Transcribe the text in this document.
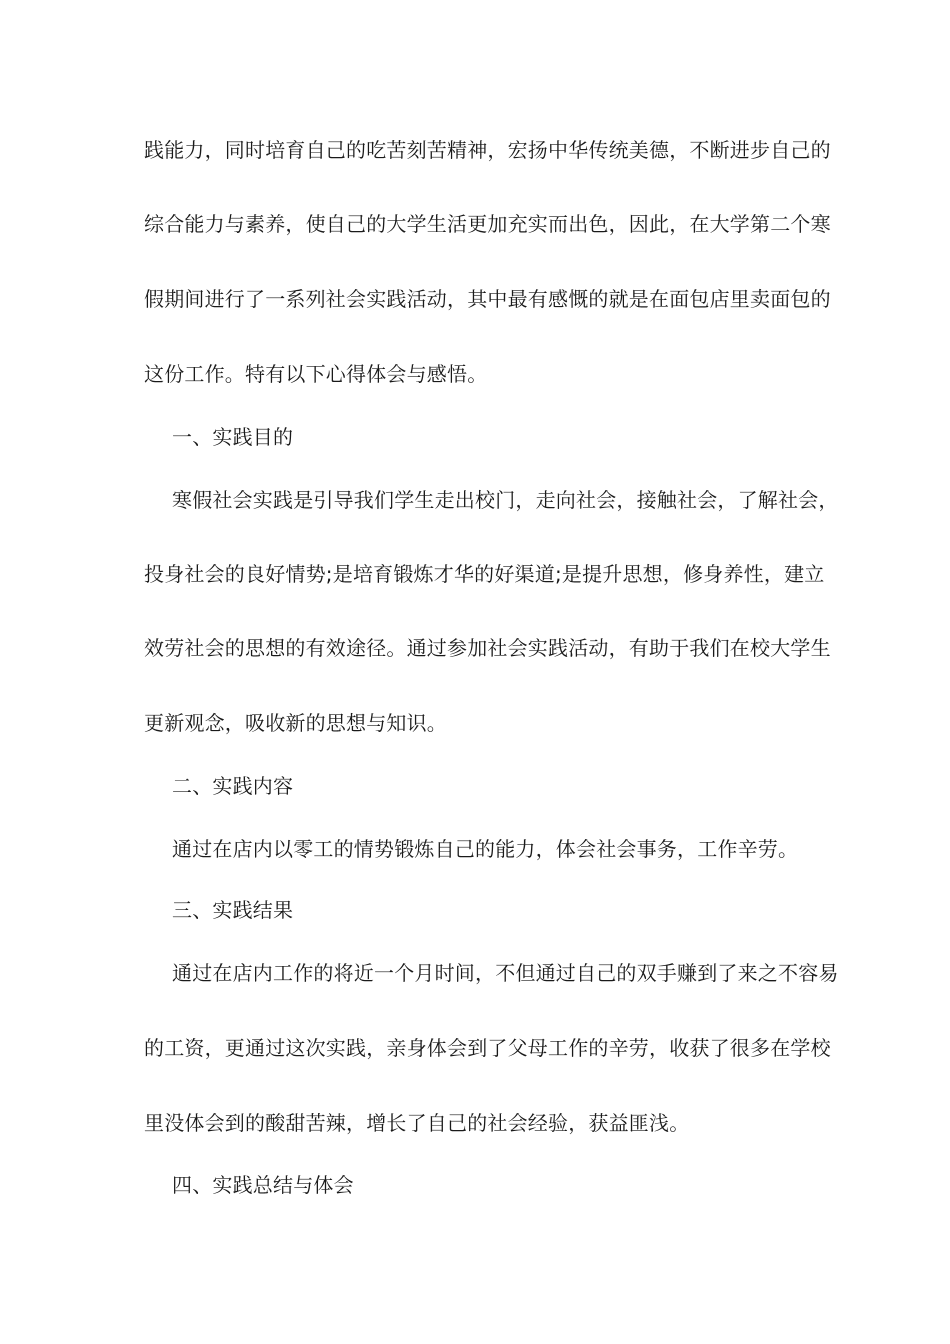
践能力，同时培育自己的吃苦刻苦精神，宏扬中华传统美德，不断进步自己的
综合能力与素养，使自己的大学生活更加充实而出色，因此，在大学第二个寒
假期间进行了一系列社会实践活动，其中最有感慨的就是在面包店里卖面包的
这份工作。特有以下心得体会与感悟。
一、实践目的
寒假社会实践是引导我们学生走出校门，走向社会，接触社会，了解社会，
投身社会的良好情势;是培育锻炼才华的好渠道;是提升思想，修身养性，建立
效劳社会的思想的有效途径。通过参加社会实践活动，有助于我们在校大学生
更新观念，吸收新的思想与知识。
二、实践内容
通过在店内以零工的情势锻炼自己的能力，体会社会事务，工作辛劳。
三、实践结果
通过在店内工作的将近一个月时间，不但通过自己的双手赚到了来之不容易
的工资，更通过这次实践，亲身体会到了父母工作的辛劳，收获了很多在学校
里没体会到的酸甜苦辣，增长了自己的社会经验，获益匪浅。
四、实践总结与体会
